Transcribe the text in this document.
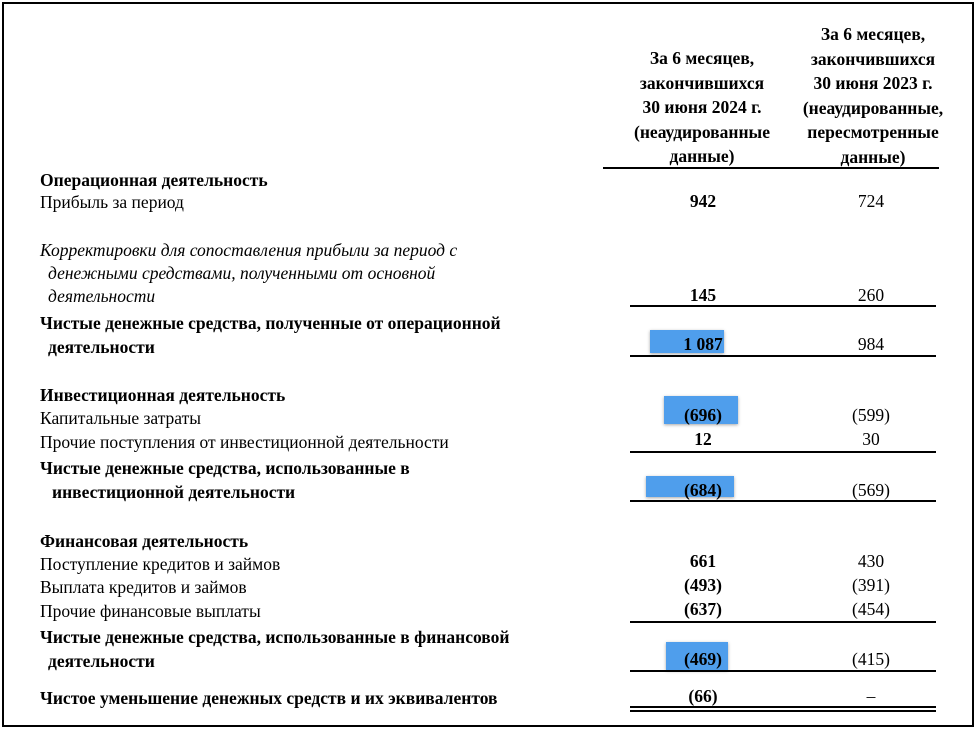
За 6 месяцев,
закончившихся
30 июня 2024 г.
(неаудированные
данные)
За 6 месяцев,
закончившихся
30 июня 2023 г.
(неаудированные,
пересмотренные
данные)
Операционная деятельность
Прибыль за период	942	724
Корректировки для сопоставления прибыли за период с
денежными средствами, полученными от основной
деятельности	145	260
Чистые денежные средства, полученные от операционной
деятельности	1 087	984
Инвестиционная деятельность
Капитальные затраты	(696)	(599)
Прочие поступления от инвестиционной деятельности	12	30
Чистые денежные средства, использованные в
инвестиционной деятельности	(684)	(569)
Финансовая деятельность
Поступление кредитов и займов	661	430
Выплата кредитов и займов	(493)	(391)
Прочие финансовые выплаты	(637)	(454)
Чистые денежные средства, использованные в финансовой
деятельности	(469)	(415)
Чистое уменьшение денежных средств и их эквивалентов	(66)	–
